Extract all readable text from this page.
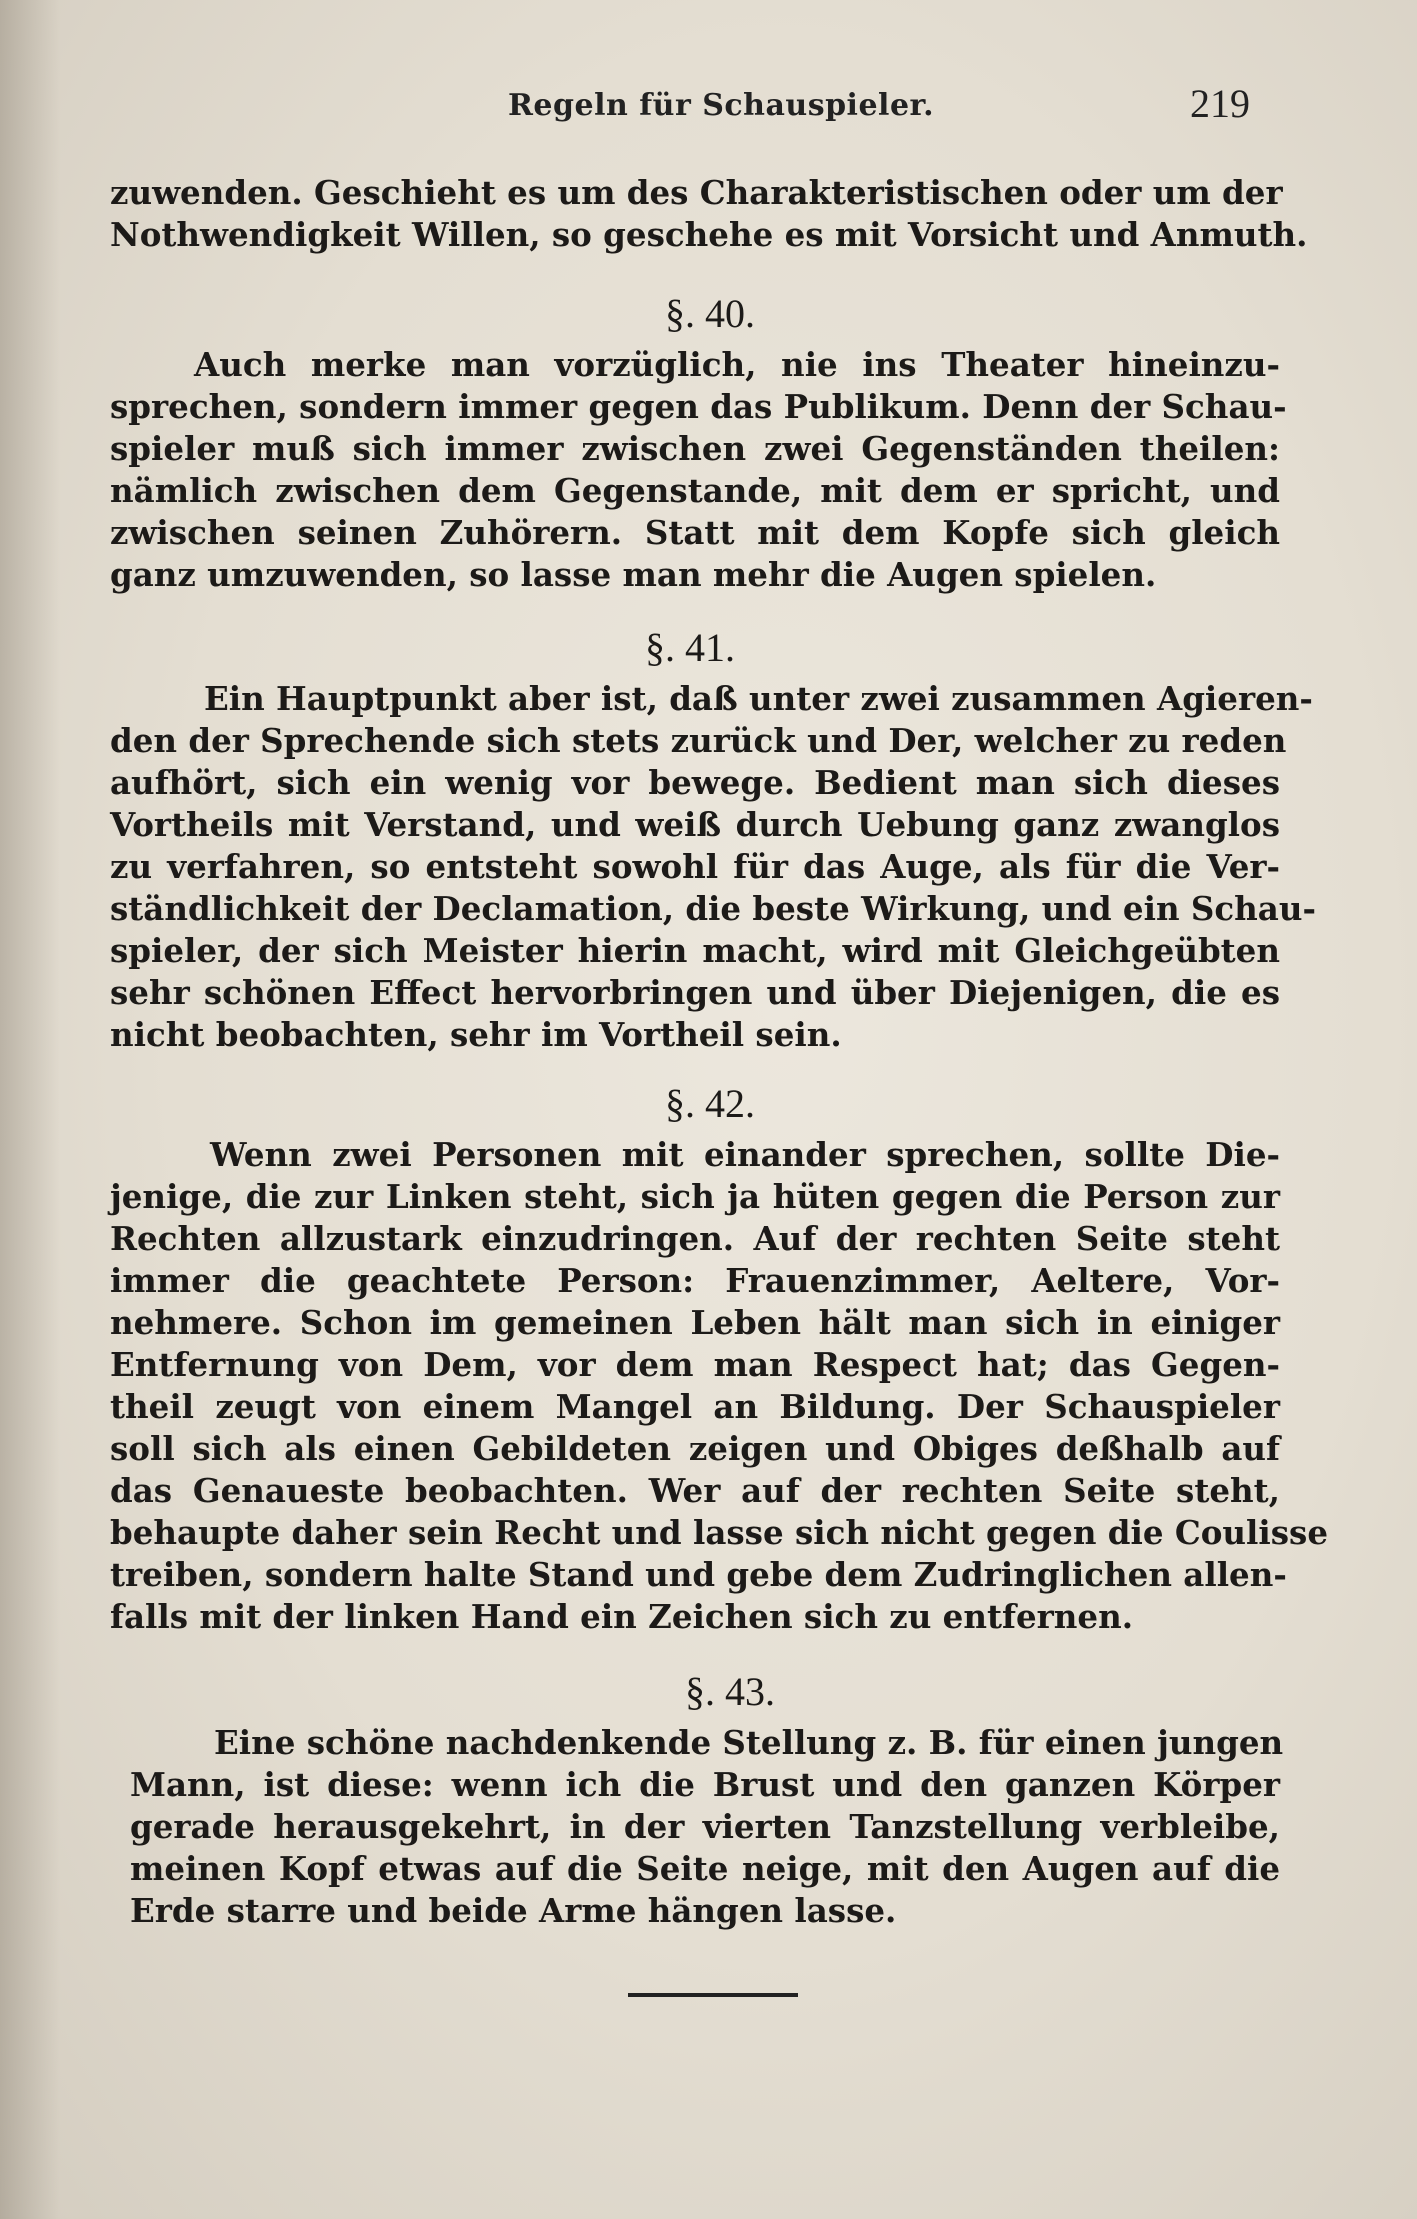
Regeln für Schauspieler.	219
zuwenden. Geschieht es um des Charakteristischen oder um der
Nothwendigkeit Willen, so geschehe es mit Vorsicht und Anmuth.
§. 40.
Auch merke man vorzüglich, nie ins Theater hineinzu-
sprechen, sondern immer gegen das Publikum. Denn der Schau-
spieler muß sich immer zwischen zwei Gegenständen theilen:
nämlich zwischen dem Gegenstande, mit dem er spricht, und
zwischen seinen Zuhörern. Statt mit dem Kopfe sich gleich
ganz umzuwenden, so lasse man mehr die Augen spielen.
§. 41.
Ein Hauptpunkt aber ist, daß unter zwei zusammen Agieren-
den der Sprechende sich stets zurück und Der, welcher zu reden
aufhört, sich ein wenig vor bewege. Bedient man sich dieses
Vortheils mit Verstand, und weiß durch Uebung ganz zwanglos
zu verfahren, so entsteht sowohl für das Auge, als für die Ver-
ständlichkeit der Declamation, die beste Wirkung, und ein Schau-
spieler, der sich Meister hierin macht, wird mit Gleichgeübten
sehr schönen Effect hervorbringen und über Diejenigen, die es
nicht beobachten, sehr im Vortheil sein.
§. 42.
Wenn zwei Personen mit einander sprechen, sollte Die-
jenige, die zur Linken steht, sich ja hüten gegen die Person zur
Rechten allzustark einzudringen. Auf der rechten Seite steht
immer die geachtete Person: Frauenzimmer, Aeltere, Vor-
nehmere. Schon im gemeinen Leben hält man sich in einiger
Entfernung von Dem, vor dem man Respect hat; das Gegen-
theil zeugt von einem Mangel an Bildung. Der Schauspieler
soll sich als einen Gebildeten zeigen und Obiges deßhalb auf
das Genaueste beobachten. Wer auf der rechten Seite steht,
behaupte daher sein Recht und lasse sich nicht gegen die Coulisse
treiben, sondern halte Stand und gebe dem Zudringlichen allen-
falls mit der linken Hand ein Zeichen sich zu entfernen.
§. 43.
Eine schöne nachdenkende Stellung z. B. für einen jungen
Mann, ist diese: wenn ich die Brust und den ganzen Körper
gerade herausgekehrt, in der vierten Tanzstellung verbleibe,
meinen Kopf etwas auf die Seite neige, mit den Augen auf die
Erde starre und beide Arme hängen lasse.
